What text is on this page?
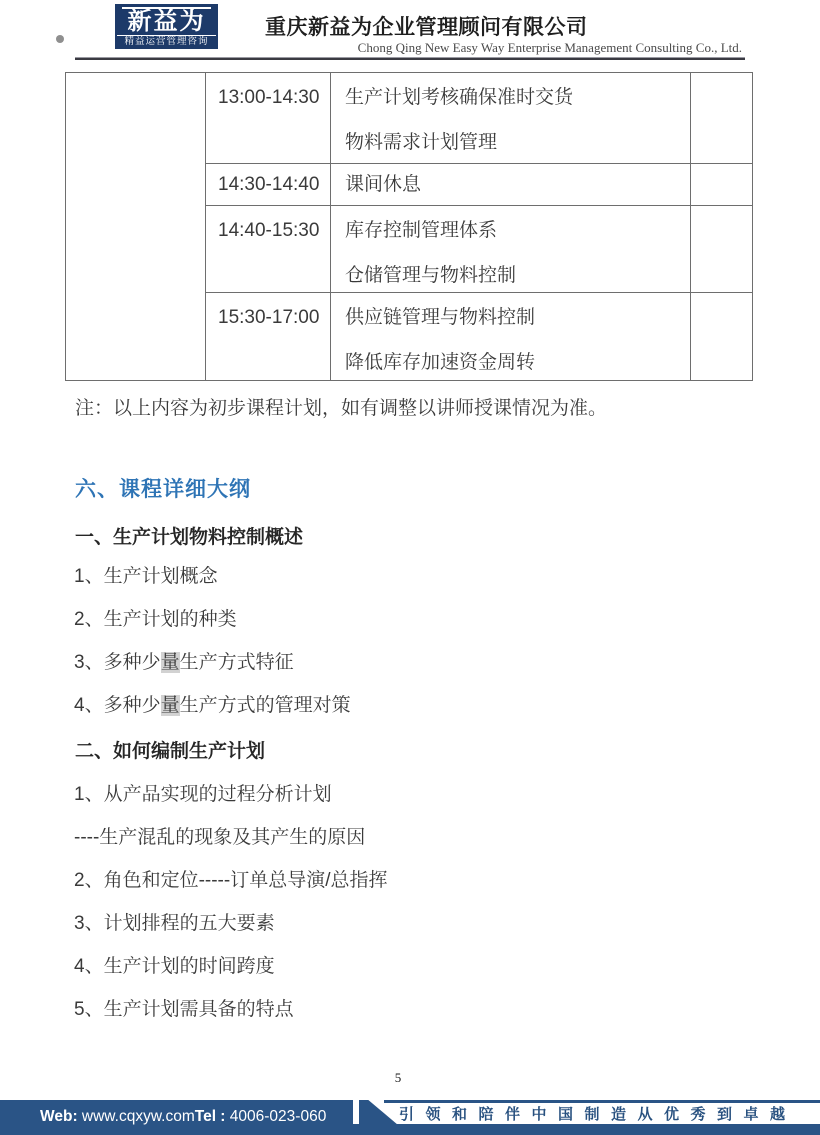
新益为
精益运营管理咨询
重庆新益为企业管理顾问有限公司
Chong Qing New Easy Way Enterprise Management Consulting Co., Ltd.

	13:00-14:30	生产计划考核确保准时交货
物料需求计划管理	

	14:30-14:40	课间休息	

	14:40-15:30	库存控制管理体系
仓储管理与物料控制	

	15:30-17:00	供应链管理与物料控制
降低库存加速资金周转	

注：以上内容为初步课程计划，如有调整以讲师授课情况为准。
六、课程详细大纲
一、生产计划物料控制概述
1、生产计划概念
2、生产计划的种类
3、多种少量生产方式特征
4、多种少量生产方式的管理对策
二、如何编制生产计划
1、从产品实现的过程分析计划
----生产混乱的现象及其产生的原因
2、角色和定位-----订单总导演/总指挥
3、计划排程的五大要素
4、生产计划的时间跨度
5、生产计划需具备的特点
5
Web: www.cqxyw.comTel : 4006-023-060	引领和陪伴中国制造从优秀到卓越
